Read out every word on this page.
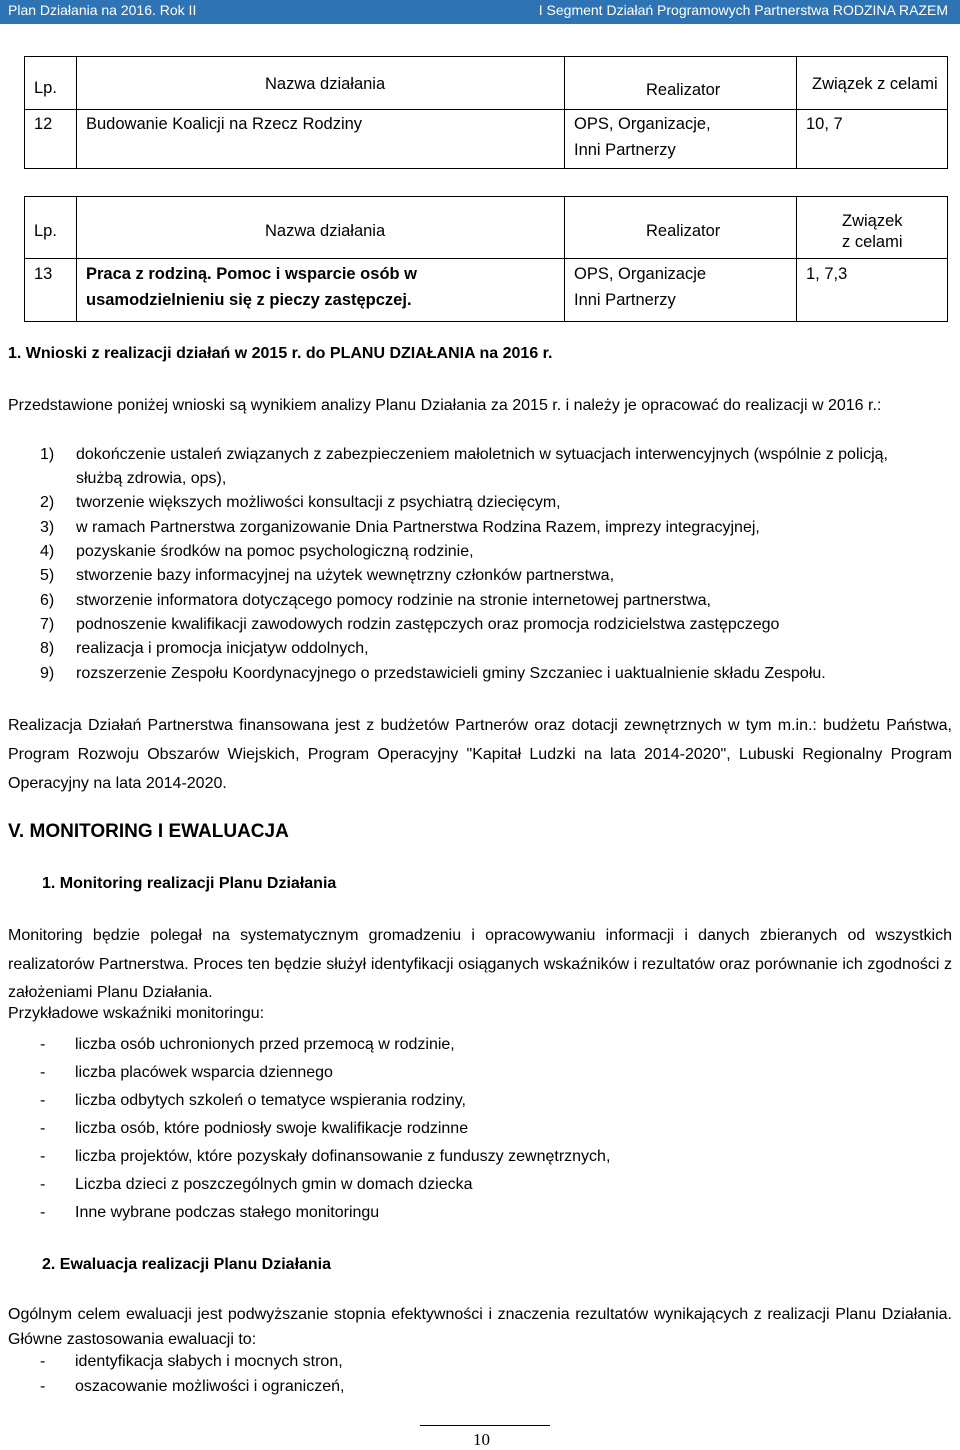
Plan Działania na 2016. Rok II	I Segment Działań Programowych Partnerstwa RODZINA RAZEM
Lp.	Nazwa działania	Realizator	Związek z celami

12	Budowanie Koalicji na Rzecz Rodziny	OPS, Organizacje,
Inni Partnerzy	10, 7
Lp.	Nazwa działania	Realizator	Związek
z celami

13	Praca z rodziną. Pomoc i wsparcie osób w
usamodzielnieniu się z pieczy zastępczej.	OPS, Organizacje
Inni Partnerzy	1, 7,3
1. Wnioski z realizacji działań w 2015 r. do PLANU DZIAŁANIA na 2016 r.
Przedstawione poniżej wnioski są wynikiem analizy Planu Działania za 2015 r. i należy je opracować do realizacji w 2016 r.:
1) dokończenie ustaleń związanych z zabezpieczeniem małoletnich w sytuacjach interwencyjnych (wspólnie z policją,
służbą zdrowia, ops),
2) tworzenie większych możliwości konsultacji z psychiatrą dziecięcym,
3) w ramach Partnerstwa zorganizowanie Dnia Partnerstwa Rodzina Razem, imprezy integracyjnej,
4) pozyskanie środków na pomoc psychologiczną rodzinie,
5) stworzenie bazy informacyjnej na użytek wewnętrzny członków partnerstwa,
6) stworzenie informatora dotyczącego pomocy rodzinie na stronie internetowej partnerstwa,
7) podnoszenie kwalifikacji zawodowych rodzin zastępczych oraz promocja rodzicielstwa zastępczego
8) realizacja i promocja inicjatyw oddolnych,
9) rozszerzenie Zespołu Koordynacyjnego o przedstawicieli gminy Szczaniec i uaktualnienie składu Zespołu.
Realizacja Działań Partnerstwa finansowana jest z budżetów Partnerów oraz dotacji zewnętrznych w tym m.in.: budżetu Państwa, Program Rozwoju Obszarów Wiejskich, Program Operacyjny "Kapitał Ludzki na lata 2014-2020", Lubuski Regionalny Program Operacyjny na lata 2014-2020.
V. MONITORING I EWALUACJA
1. Monitoring realizacji Planu Działania
Monitoring będzie polegał na systematycznym gromadzeniu i opracowywaniu informacji i danych zbieranych od wszystkich realizatorów Partnerstwa. Proces ten będzie służył identyfikacji osiąganych wskaźników i rezultatów oraz porównanie ich zgodności z założeniami Planu Działania.
Przykładowe wskaźniki monitoringu:
- liczba osób uchronionych przed przemocą w rodzinie,
- liczba placówek wsparcia dziennego
- liczba odbytych szkoleń o tematyce wspierania rodziny,
- liczba osób, które podniosły swoje kwalifikacje rodzinne
- liczba projektów, które pozyskały dofinansowanie z funduszy zewnętrznych,
- Liczba dzieci z poszczególnych gmin w domach dziecka
- Inne wybrane podczas stałego monitoringu
2. Ewaluacja realizacji Planu Działania
Ogólnym celem ewaluacji jest podwyższanie stopnia efektywności i znaczenia rezultatów wynikających z realizacji Planu Działania. Główne zastosowania ewaluacji to:
- identyfikacja słabych i mocnych stron,
- oszacowanie możliwości i ograniczeń,
10
